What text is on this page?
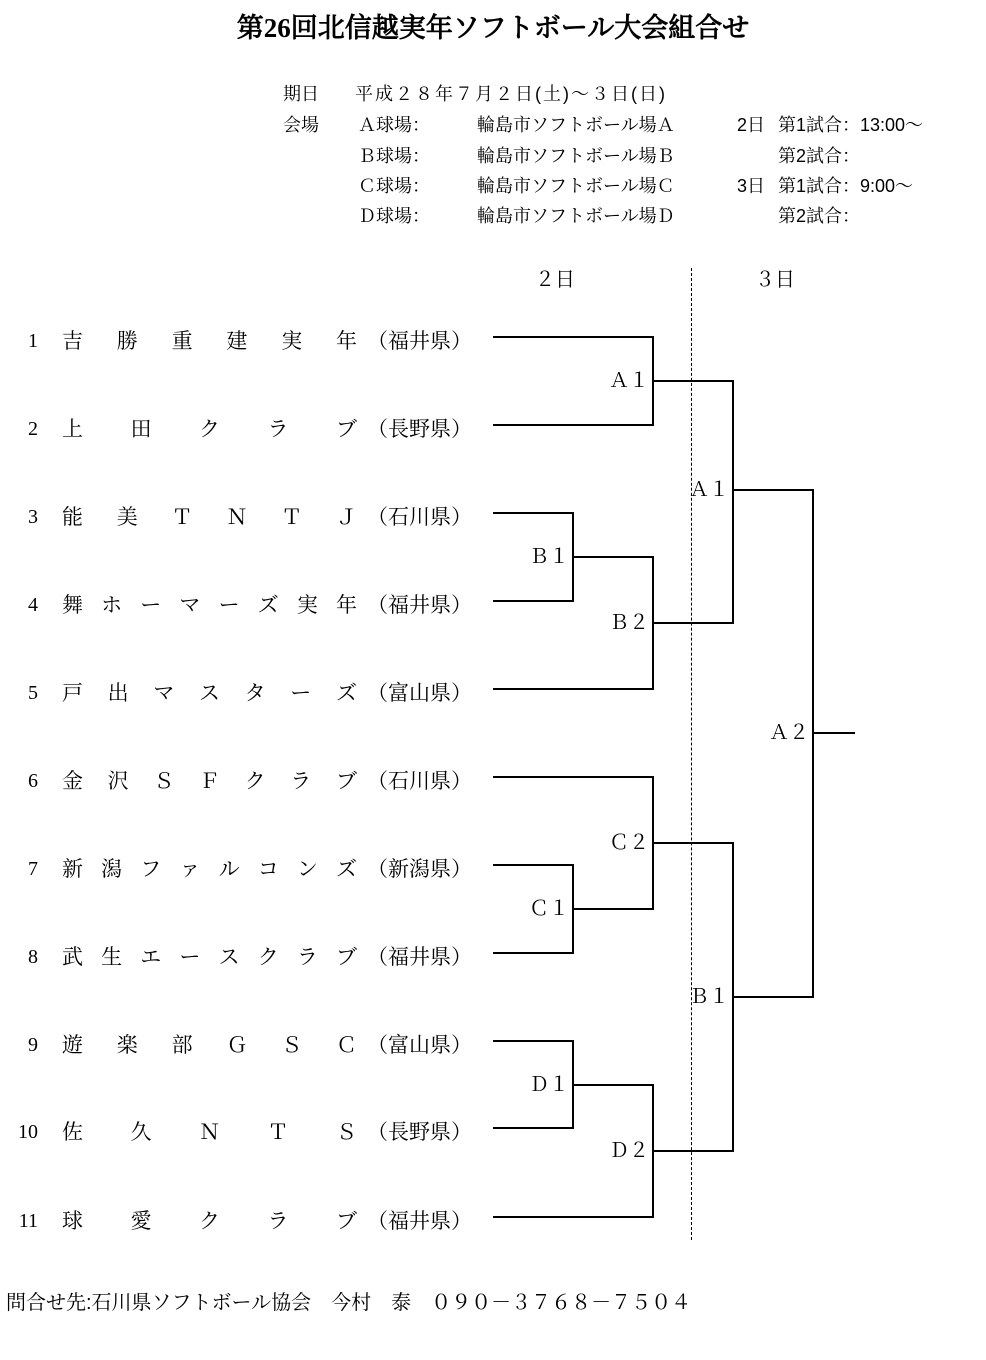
第26回北信越実年ソフトボール大会組合せ
期日 平成２８年７月２日(土)～３日(日)
会場 Ａ球場：	輪島市ソフトボール場Ａ
Ｂ球場：	輪島市ソフトボール場Ｂ
Ｃ球場：	輪島市ソフトボール場Ｃ
Ｄ球場：	輪島市ソフトボール場Ｄ
2日 第1試合：13:00～
第2試合：
3日 第1試合：9:00～
第2試合：
２日	３日
1 吉 勝 重 建 実 年 （福井県）
2 上 田 ク ラ ブ （長野県）
3 能 美 Ｔ Ｎ Ｔ Ｊ （石川県）
4 舞 ホ ー マ ー ズ 実 年 （福井県）
5 戸 出 マ ス タ ー ズ （富山県）
6 金 沢 Ｓ Ｆ ク ラ ブ （石川県）
7 新 潟 フ ァ ル コ ン ズ （新潟県）
8 武 生 エ ー ス ク ラ ブ （福井県）
9 遊 楽 部 Ｇ Ｓ Ｃ （富山県）
10 佐 久 Ｎ Ｔ Ｓ （長野県）
11 球 愛 ク ラ ブ （福井県）
Ａ１
Ｂ１
Ｂ２
Ｃ１
Ｃ２
Ｄ１
Ｄ２
Ａ１
Ｂ１
Ａ２
問合せ先:石川県ソフトボール協会　今村　泰　０９０－３７６８－７５０４
